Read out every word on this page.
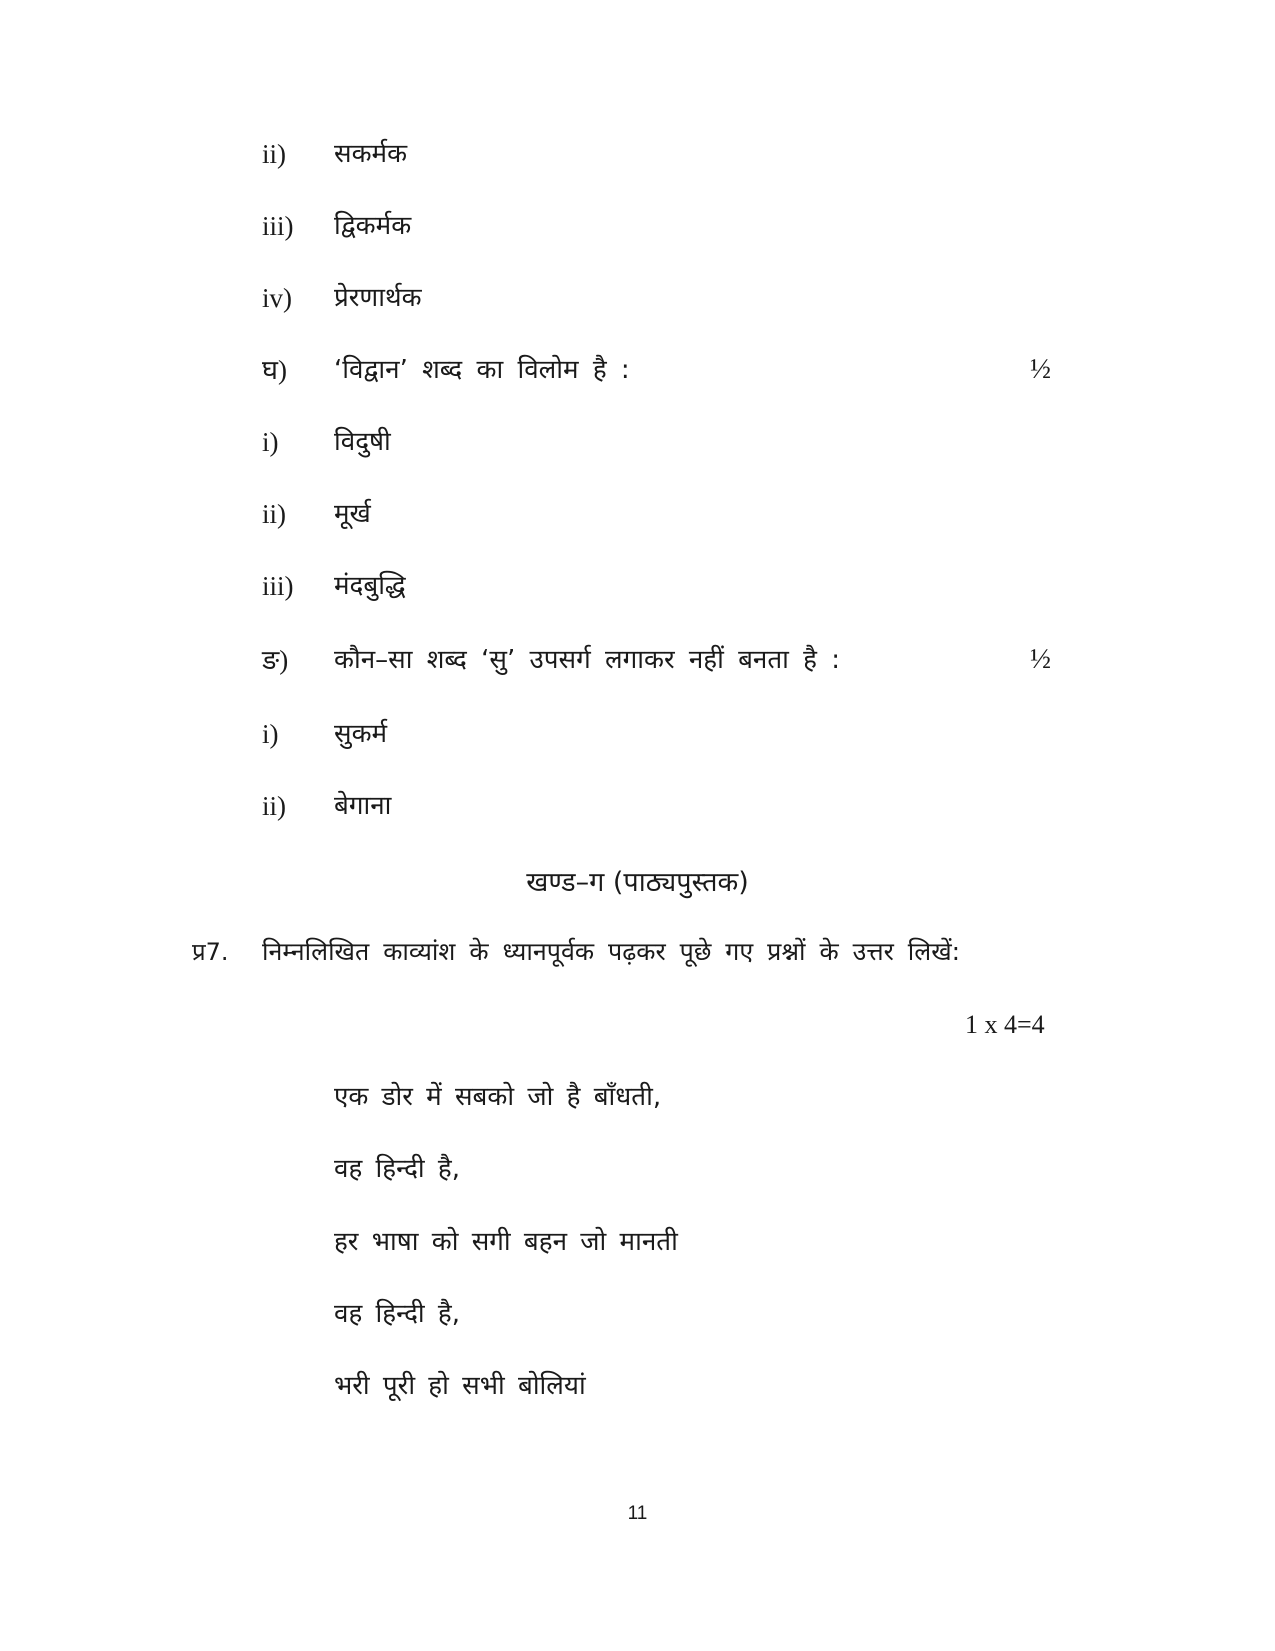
ii) सकर्मक
iii) द्विकर्मक
iv) प्रेरणार्थक
घ) ‘विद्वान’ शब्द का विलोम है :	½
i) विदुषी
ii) मूर्ख
iii) मंदबुद्धि
ङ) कौन–सा शब्द ‘सु’ उपसर्ग लगाकर नहीं बनता है :	½
i) सुकर्म
ii) बेगाना
खण्ड–ग (पाठ्यपुस्तक)
प्र7. निम्नलिखित काव्यांश के ध्यानपूर्वक पढ़कर पूछे गए प्रश्नों के उत्तर लिखें:
1 x 4=4
एक डोर में सबको जो है बाँधती,
वह हिन्दी है,
हर भाषा को सगी बहन जो मानती
वह हिन्दी है,
भरी पूरी हो सभी बोलियां
11
